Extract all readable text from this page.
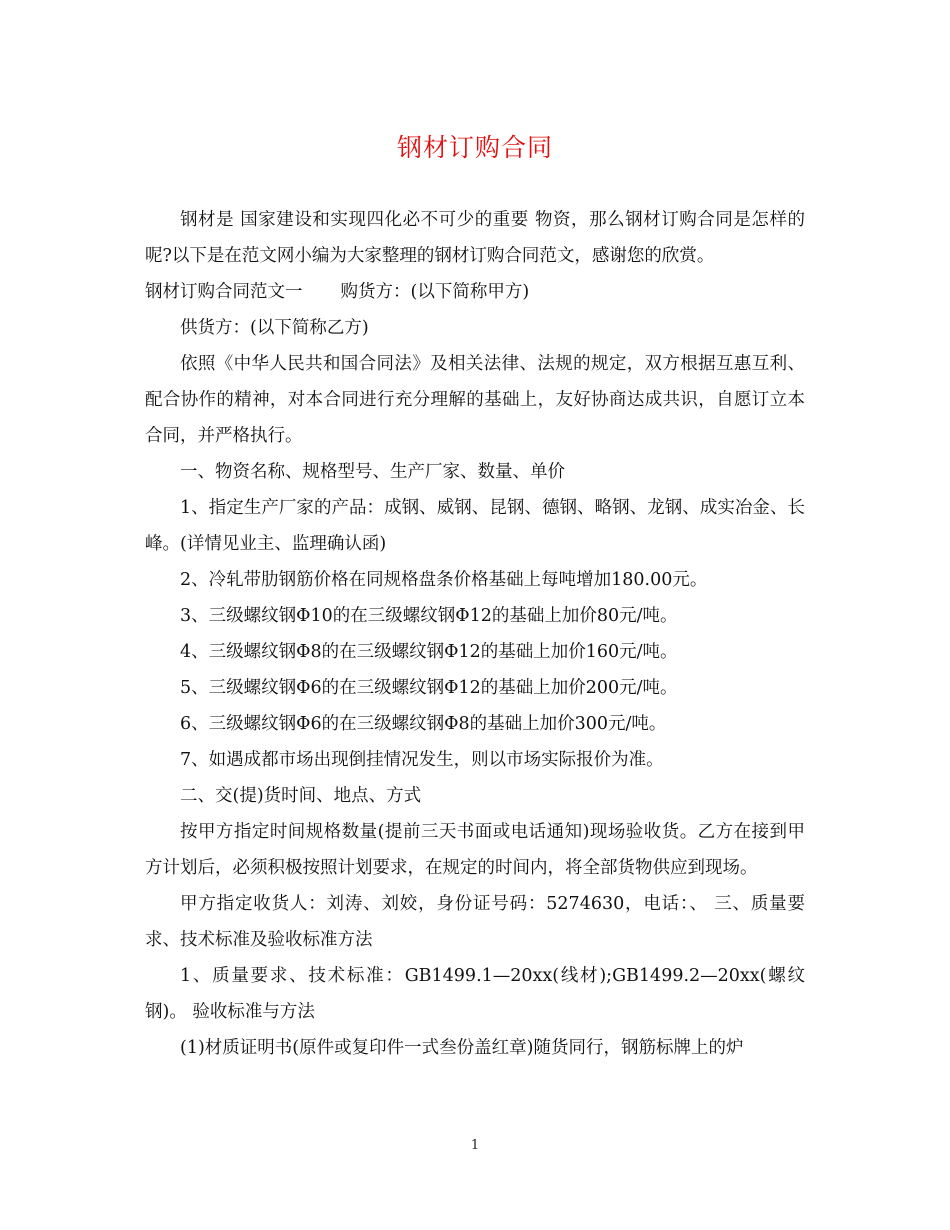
钢材订购合同

钢材是 国家建设和实现四化必不可少的重要 物资，那么钢材订购合同是怎样的呢?以下是在范文网小编为大家整理的钢材订购合同范文，感谢您的欣赏。

钢材订购合同范文一 购货方：(以下简称甲方)

供货方：(以下简称乙方)

依照《中华人民共和国合同法》及相关法律、法规的规定，双方根据互惠互利、配合协作的精神，对本合同进行充分理解的基础上，友好协商达成共识，自愿订立本合同，并严格执行。

一、物资名称、规格型号、生产厂家、数量、单价

1、指定生产厂家的产品：成钢、威钢、昆钢、德钢、略钢、龙钢、成实冶金、长峰。(详情见业主、监理确认函)

2、冷轧带肋钢筋价格在同规格盘条价格基础上每吨增加180.00元。

3、三级螺纹钢Φ10的在三级螺纹钢Φ12的基础上加价80元/吨。

4、三级螺纹钢Φ8的在三级螺纹钢Φ12的基础上加价160元/吨。

5、三级螺纹钢Φ6的在三级螺纹钢Φ12的基础上加价200元/吨。

6、三级螺纹钢Φ6的在三级螺纹钢Φ8的基础上加价300元/吨。

7、如遇成都市场出现倒挂情况发生，则以市场实际报价为准。

二、交(提)货时间、地点、方式

按甲方指定时间规格数量(提前三天书面或电话通知)现场验收货。乙方在接到甲方计划后，必须积极按照计划要求，在规定的时间内，将全部货物供应到现场。

甲方指定收货人：刘涛、刘姣，身份证号码：5274630，电话：、 三、质量要求、技术标准及验收标准方法

1、质量要求、技术标准：GB1499.1—20xx(线材);GB1499.2—20xx(螺纹钢)。 验收标准与方法

(1)材质证明书(原件或复印件一式叁份盖红章)随货同行，钢筋标牌上的炉

1
